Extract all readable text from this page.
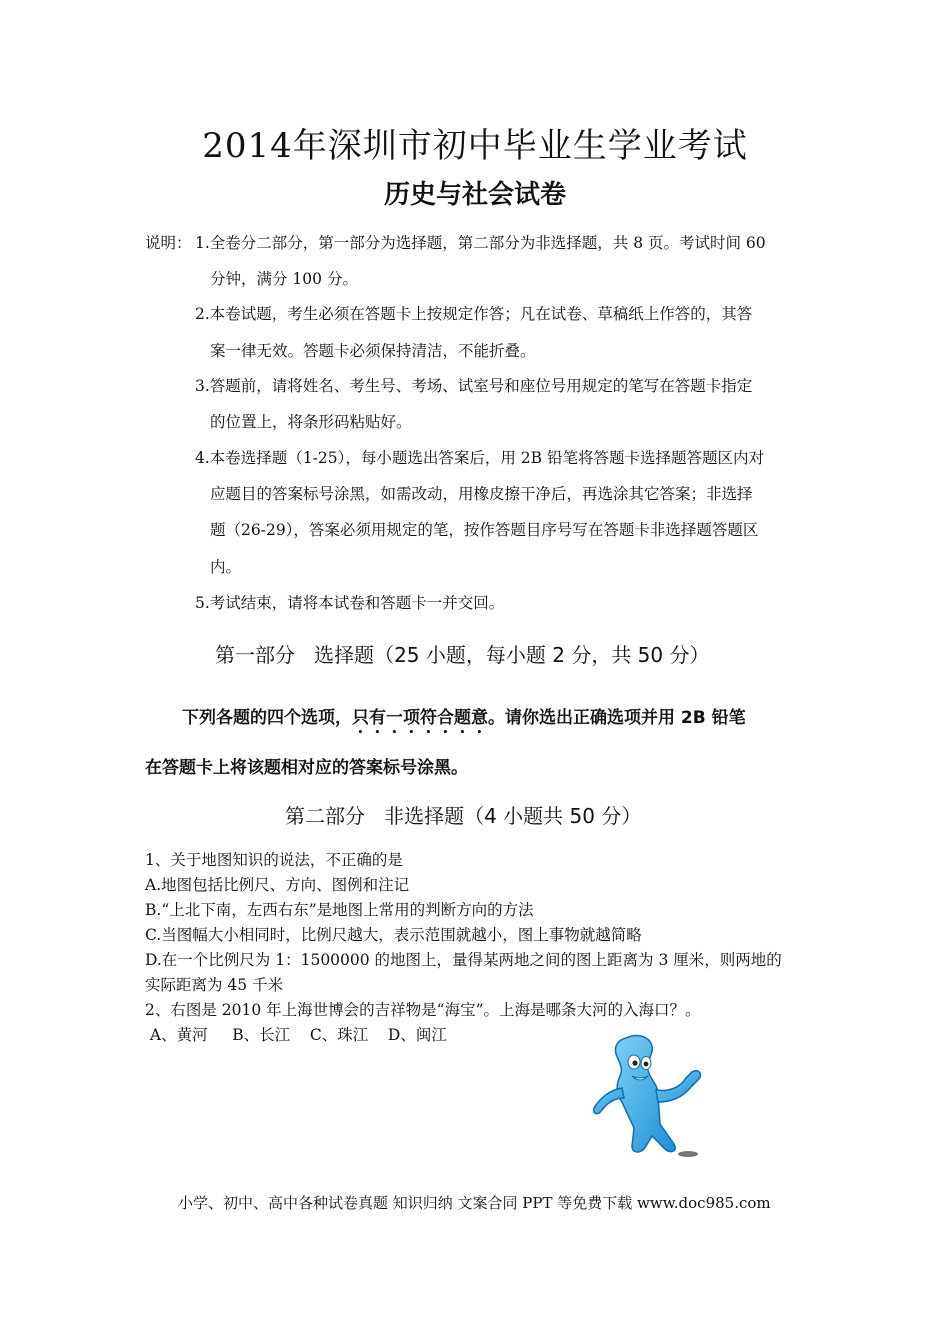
2014年深圳市初中毕业生学业考试
历史与社会试卷
说明： 1.全卷分二部分，第一部分为选择题，第二部分为非选择题，共 8 页。考试时间 60
分钟，满分 100 分。
2.本卷试题，考生必须在答题卡上按规定作答；凡在试卷、草稿纸上作答的，其答
案一律无效。答题卡必须保持清洁，不能折叠。
3.答题前，请将姓名、考生号、考场、试室号和座位号用规定的笔写在答题卡指定
的位置上，将条形码粘贴好。
4.本卷选择题（1-25），每小题选出答案后，用 2B 铅笔将答题卡选择题答题区内对
应题目的答案标号涂黑，如需改动，用橡皮擦干净后，再选涂其它答案；非选择
题（26-29），答案必须用规定的笔，按作答题目序号写在答题卡非选择题答题区
内。
5.考试结束，请将本试卷和答题卡一并交回。
第一部分   选择题（25 小题，每小题 2 分，共 50 分）
下列各题的四个选项，只有一项符合题意。请你选出正确选项并用 2B 铅笔
在答题卡上将该题相对应的答案标号涂黑。
第二部分   非选择题（4 小题共 50 分）
1、关于地图知识的说法，不正确的是
A.地图包括比例尺、方向、图例和注记
B.“上北下南，左西右东”是地图上常用的判断方向的方法
C.当图幅大小相同时，比例尺越大，表示范围就越小，图上事物就越简略
D.在一个比例尺为 1：1500000 的地图上，量得某两地之间的图上距离为 3 厘米，则两地的
实际距离为 45 千米
2、右图是 2010 年上海世博会的吉祥物是“海宝”。上海是哪条大河的入海口？。
A、黄河     B、长江    C、珠江    D、闽江
小学、初中、高中各种试卷真题 知识归纳 文案合同 PPT 等免费下载 www.doc985.com
